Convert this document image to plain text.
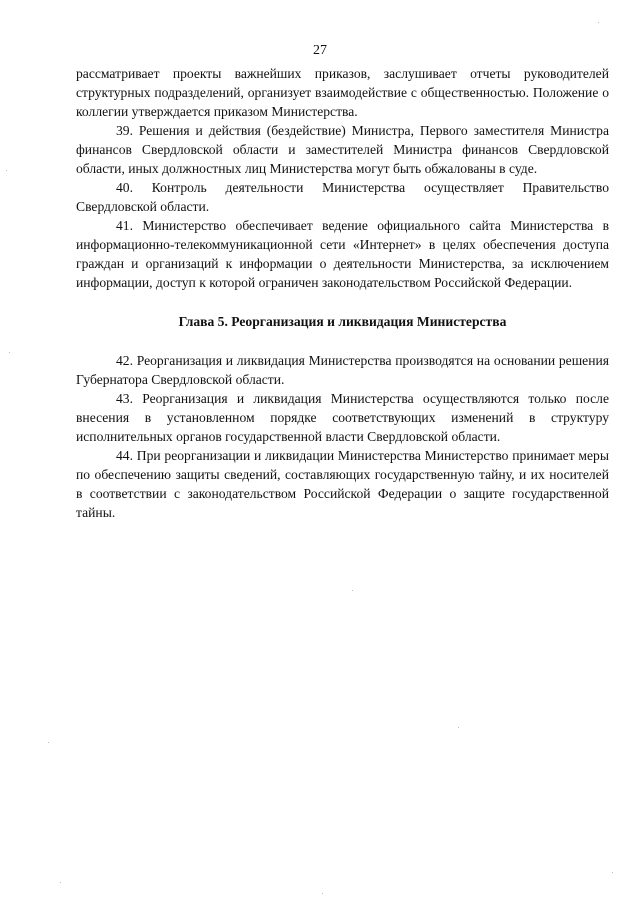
27

рассматривает проекты важнейших приказов, заслушивает отчеты руководителей структурных подразделений, организует взаимодействие с общественностью. Положение о коллегии утверждается приказом Министерства.

39. Решения и действия (бездействие) Министра, Первого заместителя Министра финансов Свердловской области и заместителей Министра финансов Свердловской области, иных должностных лиц Министерства могут быть обжалованы в суде.

40. Контроль деятельности Министерства осуществляет Правительство Свердловской области.

41. Министерство обеспечивает ведение официального сайта Министерства в информационно-телекоммуникационной сети «Интернет» в целях обеспечения доступа граждан и организаций к информации о деятельности Министерства, за исключением информации, доступ к которой ограничен законодательством Российской Федерации.

Глава 5. Реорганизация и ликвидация Министерства

42. Реорганизация и ликвидация Министерства производятся на основании решения Губернатора Свердловской области.

43. Реорганизация и ликвидация Министерства осуществляются только после внесения в установленном порядке соответствующих изменений в структуру исполнительных органов государственной власти Свердловской области.

44. При реорганизации и ликвидации Министерства Министерство принимает меры по обеспечению защиты сведений, составляющих государственную тайну, и их носителей в соответствии с законодательством Российской Федерации о защите государственной тайны.
